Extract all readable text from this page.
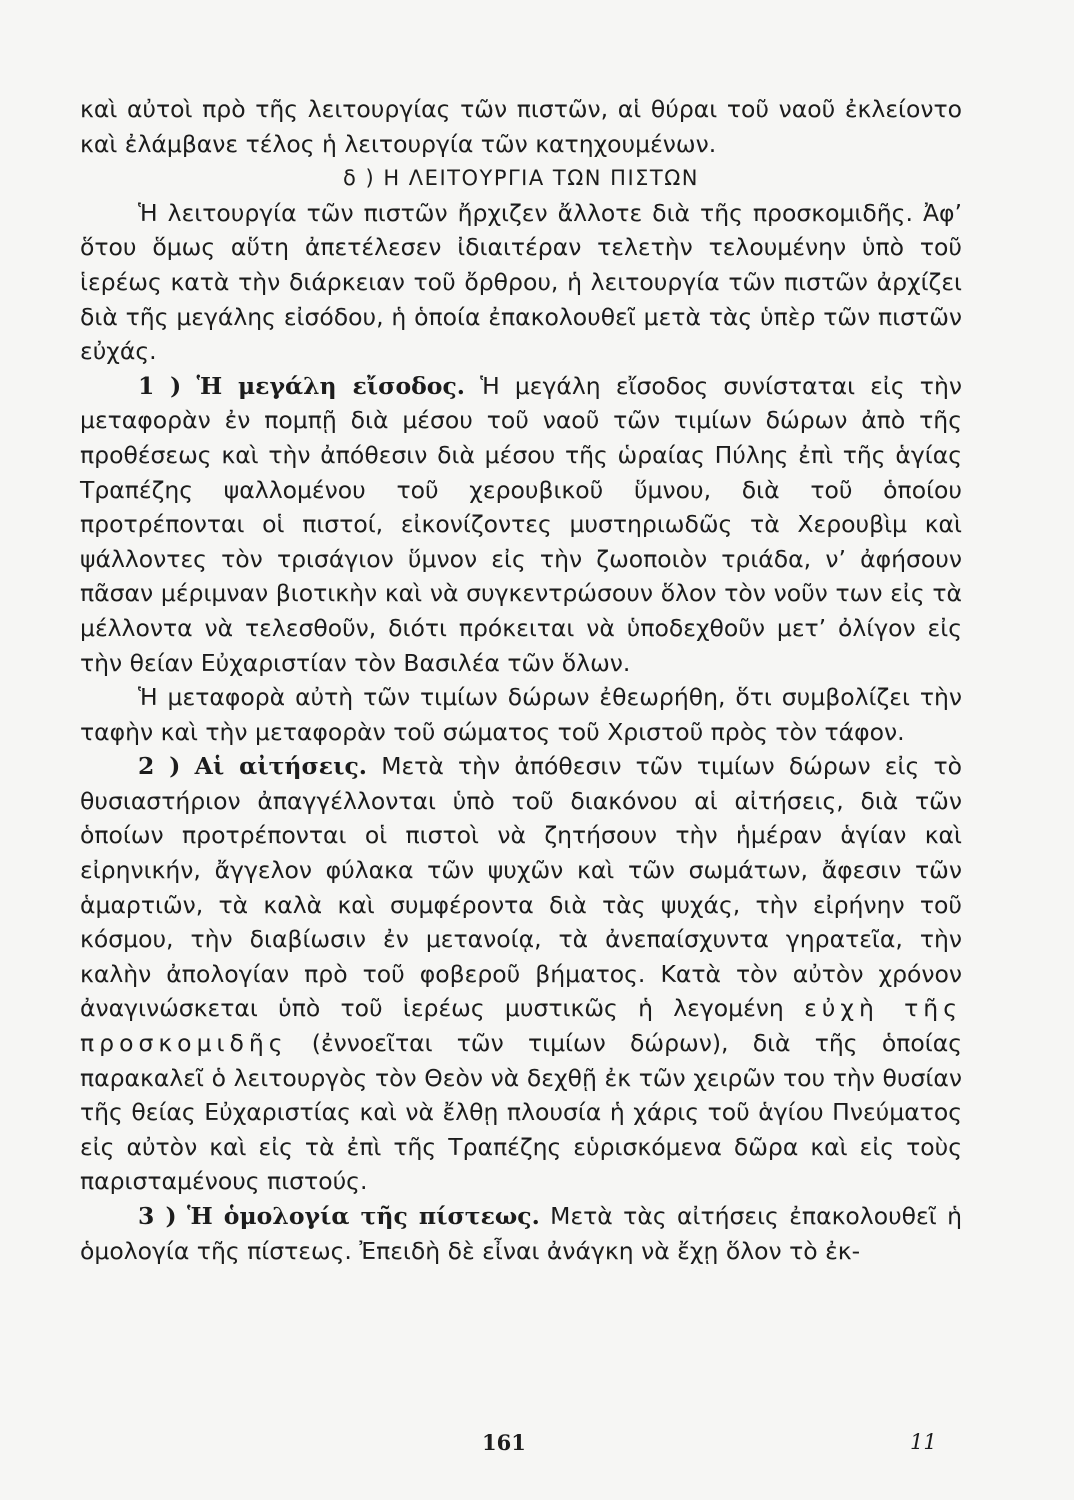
καὶ αὐτοὶ πρὸ τῆς λειτουργίας τῶν πιστῶν, αἱ θύραι τοῦ ναοῦ ἐκλείοντο καὶ ἐλάμβανε τέλος ἡ λειτουργία τῶν κατηχουμένων.

δ ) Η ΛΕΙΤΟΥΡΓΙΑ ΤΩΝ ΠΙΣΤΩΝ

Ἡ λειτουργία τῶν πιστῶν ἤρχιζεν ἄλλοτε διὰ τῆς προσκομιδῆς. Ἀφ’ ὅτου ὅμως αὕτη ἀπετέλεσεν ἰδιαιτέραν τελετὴν τελουμένην ὑπὸ τοῦ ἱερέως κατὰ τὴν διάρκειαν τοῦ ὄρθρου, ἡ λειτουργία τῶν πιστῶν ἀρχίζει διὰ τῆς μεγάλης εἰσόδου, ἡ ὁποία ἐπακολουθεῖ μετὰ τὰς ὑπὲρ τῶν πιστῶν εὐχάς.

1 ) Ἡ μεγάλη εἴσοδος. Ἡ μεγάλη εἴσοδος συνίσταται εἰς τὴν μεταφορὰν ἐν πομπῇ διὰ μέσου τοῦ ναοῦ τῶν τιμίων δώρων ἀπὸ τῆς προθέσεως καὶ τὴν ἀπόθεσιν διὰ μέσου τῆς ὡραίας Πύλης ἐπὶ τῆς ἁγίας Τραπέζης ψαλλομένου τοῦ χερουβικοῦ ὕμνου, διὰ τοῦ ὁποίου προτρέπονται οἱ πιστοί, εἰκονίζοντες μυστηριωδῶς τὰ Χερουβὶμ καὶ ψάλλοντες τὸν τρισάγιον ὕμνον εἰς τὴν ζωοποιὸν τριάδα, ν’ ἀφήσουν πᾶσαν μέριμναν βιοτικὴν καὶ νὰ συγκεντρώσουν ὅλον τὸν νοῦν των εἰς τὰ μέλλοντα νὰ τελεσθοῦν, διότι πρόκειται νὰ ὑποδεχθοῦν μετ’ ὀλίγον εἰς τὴν θείαν Εὐχαριστίαν τὸν Βασιλέα τῶν ὅλων.

Ἡ μεταφορὰ αὐτὴ τῶν τιμίων δώρων ἐθεωρήθη, ὅτι συμβολίζει τὴν ταφὴν καὶ τὴν μεταφορὰν τοῦ σώματος τοῦ Χριστοῦ πρὸς τὸν τάφον.

2 ) Αἱ αἰτήσεις. Μετὰ τὴν ἀπόθεσιν τῶν τιμίων δώρων εἰς τὸ θυσιαστήριον ἀπαγγέλλονται ὑπὸ τοῦ διακόνου αἱ αἰτήσεις, διὰ τῶν ὁποίων προτρέπονται οἱ πιστοὶ νὰ ζητήσουν τὴν ἡμέραν ἁγίαν καὶ εἰρηνικήν, ἄγγελον φύλακα τῶν ψυχῶν καὶ τῶν σωμάτων, ἄφεσιν τῶν ἁμαρτιῶν, τὰ καλὰ καὶ συμφέροντα διὰ τὰς ψυχάς, τὴν εἰρήνην τοῦ κόσμου, τὴν διαβίωσιν ἐν μετανοίᾳ, τὰ ἀνεπαίσχυντα γηρατεῖα, τὴν καλὴν ἀπολογίαν πρὸ τοῦ φοβεροῦ βήματος. Κατὰ τὸν αὐτὸν χρόνον ἀναγινώσκεται ὑπὸ τοῦ ἱερέως μυστικῶς ἡ λεγομένη εὐχὴ τῆς προσκομιδῆς (ἐννοεῖται τῶν τιμίων δώρων), διὰ τῆς ὁποίας παρακαλεῖ ὁ λειτουργὸς τὸν Θεὸν νὰ δεχθῇ ἐκ τῶν χειρῶν του τὴν θυσίαν τῆς θείας Εὐχαριστίας καὶ νὰ ἔλθῃ πλουσία ἡ χάρις τοῦ ἁγίου Πνεύματος εἰς αὐτὸν καὶ εἰς τὰ ἐπὶ τῆς Τραπέζης εὑρισκόμενα δῶρα καὶ εἰς τοὺς παρισταμένους πιστούς.

3 ) Ἡ ὁμολογία τῆς πίστεως. Μετὰ τὰς αἰτήσεις ἐπακολουθεῖ ἡ ὁμολογία τῆς πίστεως. Ἐπειδὴ δὲ εἶναι ἀνάγκη νὰ ἔχῃ ὅλον τὸ ἐκ-

161	11
